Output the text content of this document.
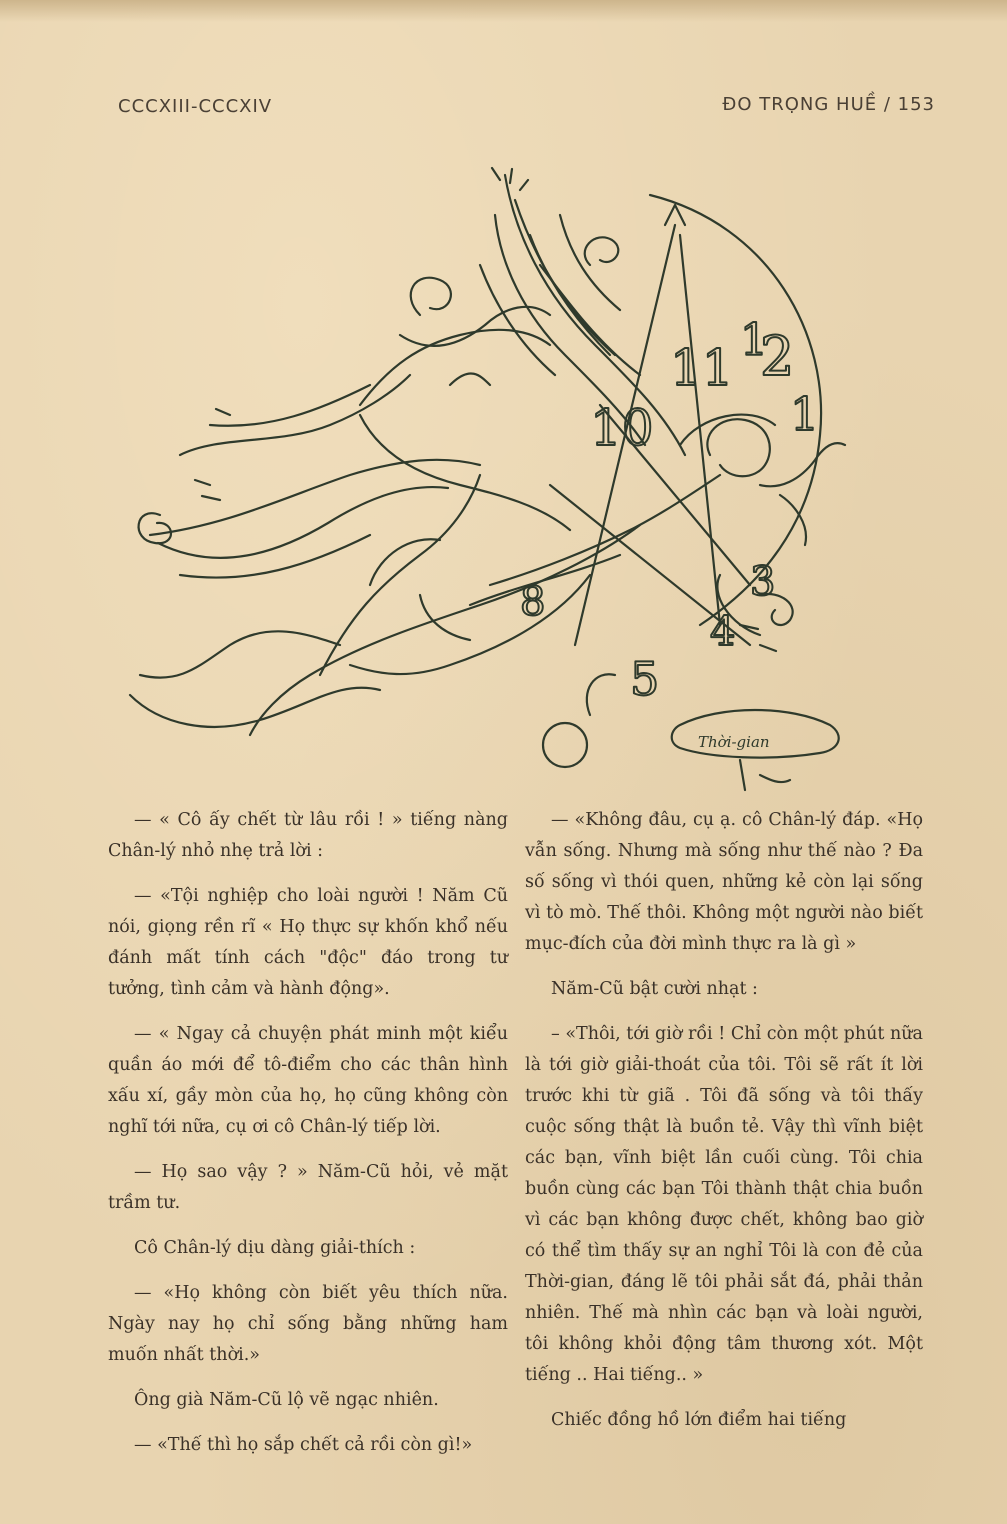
CCCXIII-CCCXIV	ĐO TRỌNG HUỀ / 153
1
2
11
10	1
8
5
3
4
Thời-gian

— « Cô ấy chết từ lâu rồi ! » tiếng nàng Chân-lý nhỏ nhẹ trả lời :

— «Tội nghiệp cho loài người ! Năm Cũ nói, giọng rền rĩ « Họ thực sự khốn khổ nếu đánh mất tính cách "độc" đáo trong tư tưởng, tình cảm và hành động».

— « Ngay cả chuyện phát minh một kiểu quần áo mới để tô-điểm cho các thân hình xấu xí, gầy mòn của họ, họ cũng không còn nghĩ tới nữa, cụ ơi cô Chân-lý tiếp lời.

— Họ sao vậy ? » Năm-Cũ hỏi, vẻ mặt trầm tư.

Cô Chân-lý dịu dàng giải-thích :

— «Họ không còn biết yêu thích nữa. Ngày nay họ chỉ sống bằng những ham muốn nhất thời.»

Ông già Năm-Cũ lộ vẽ ngạc nhiên.

— «Thế thì họ sắp chết cả rồi còn gì!»

— «Không đâu, cụ ạ. cô Chân-lý đáp. «Họ vẫn sống. Nhưng mà sống như thế nào ? Đa số sống vì thói quen, những kẻ còn lại sống vì tò mò. Thế thôi. Không một người nào biết mục-đích của đời mình thực ra là gì »

Năm-Cũ bật cười nhạt :

– «Thôi, tới giờ rồi ! Chỉ còn một phút nữa là tới giờ giải-thoát của tôi. Tôi sẽ rất ít lời trước khi từ giã . Tôi đã sống và tôi thấy cuộc sống thật là buồn tẻ. Vậy thì vĩnh biệt các bạn, vĩnh biệt lần cuối cùng. Tôi chia buồn cùng các bạn Tôi thành thật chia buồn vì các bạn không được chết, không bao giờ có thể tìm thấy sự an nghỉ Tôi là con đẻ của Thời-gian, đáng lẽ tôi phải sắt đá, phải thản nhiên. Thế mà nhìn các bạn và loài người, tôi không khỏi động tâm thương xót. Một tiếng .. Hai tiếng.. »

Chiếc đồng hồ lớn điểm hai tiếng
